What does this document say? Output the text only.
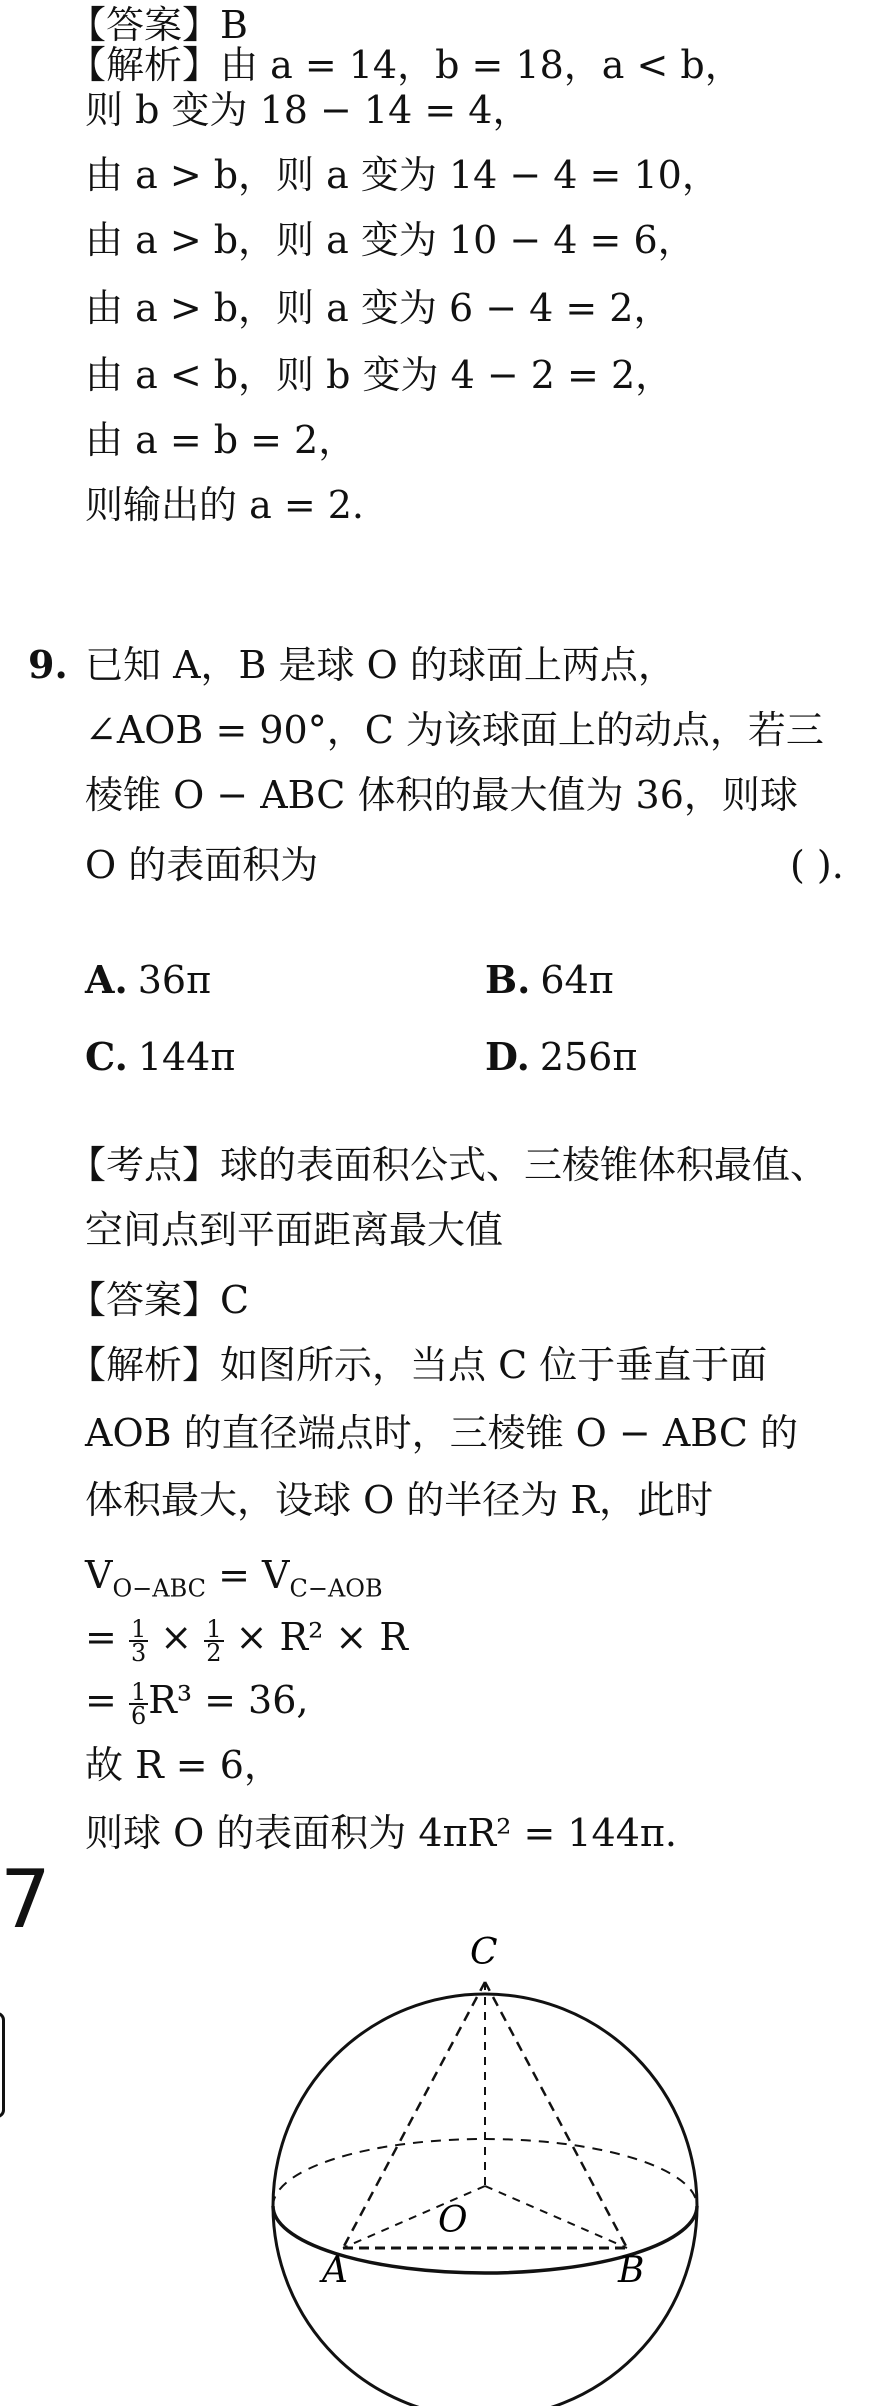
【答案】B
【解析】由 a = 14，b = 18，a < b，
则 b 变为 18 − 14 = 4，
由 a > b，则 a 变为 14 − 4 = 10，
由 a > b，则 a 变为 10 − 4 = 6，
由 a > b，则 a 变为 6 − 4 = 2，
由 a < b，则 b 变为 4 − 2 = 2，
由 a = b = 2，
则输出的 a = 2.
9. 已知 A，B 是球 O 的球面上两点，
∠AOB = 90°，C 为该球面上的动点，若三
棱锥 O − ABC 体积的最大值为 36，则球
O 的表面积为	( ).
A. 36π	B. 64π
C. 144π	D. 256π
【考点】球的表面积公式、三棱锥体积最值、
空间点到平面距离最大值
【答案】C
【解析】如图所示，当点 C 位于垂直于面
AOB 的直径端点时，三棱锥 O − ABC 的
体积最大，设球 O 的半径为 R，此时
$V_{O-ABC} = V_{C-AOB}$
= $\frac{1}{3} \times \frac{1}{2} \times R^2 \times R$
= $\frac{1}{6} R^3 = 36$,
故 R = 6，
则球 O 的表面积为 4πR² = 144π.
7
C
O
A	B
